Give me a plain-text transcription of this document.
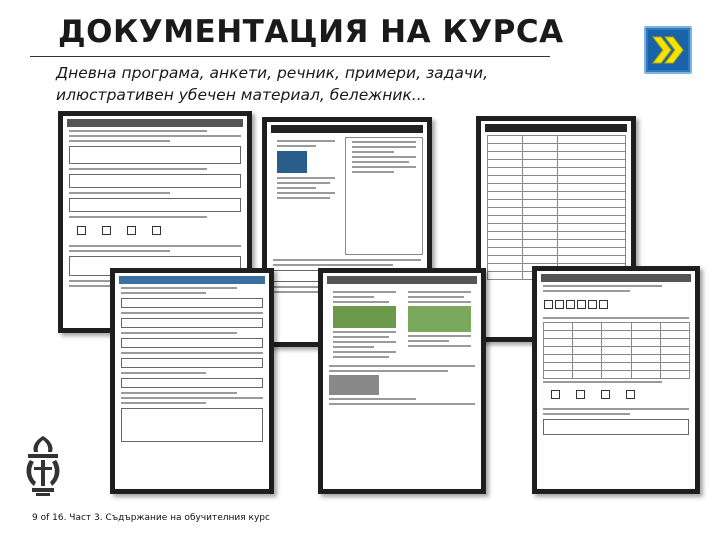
ДОКУМЕНТАЦИЯ НА КУРСА
Дневна програма, анкети, речник, примери, задачи, илюстративен убечен материал, бележник...
9 of 16. Част 3. Съдържание на обучителния курс
